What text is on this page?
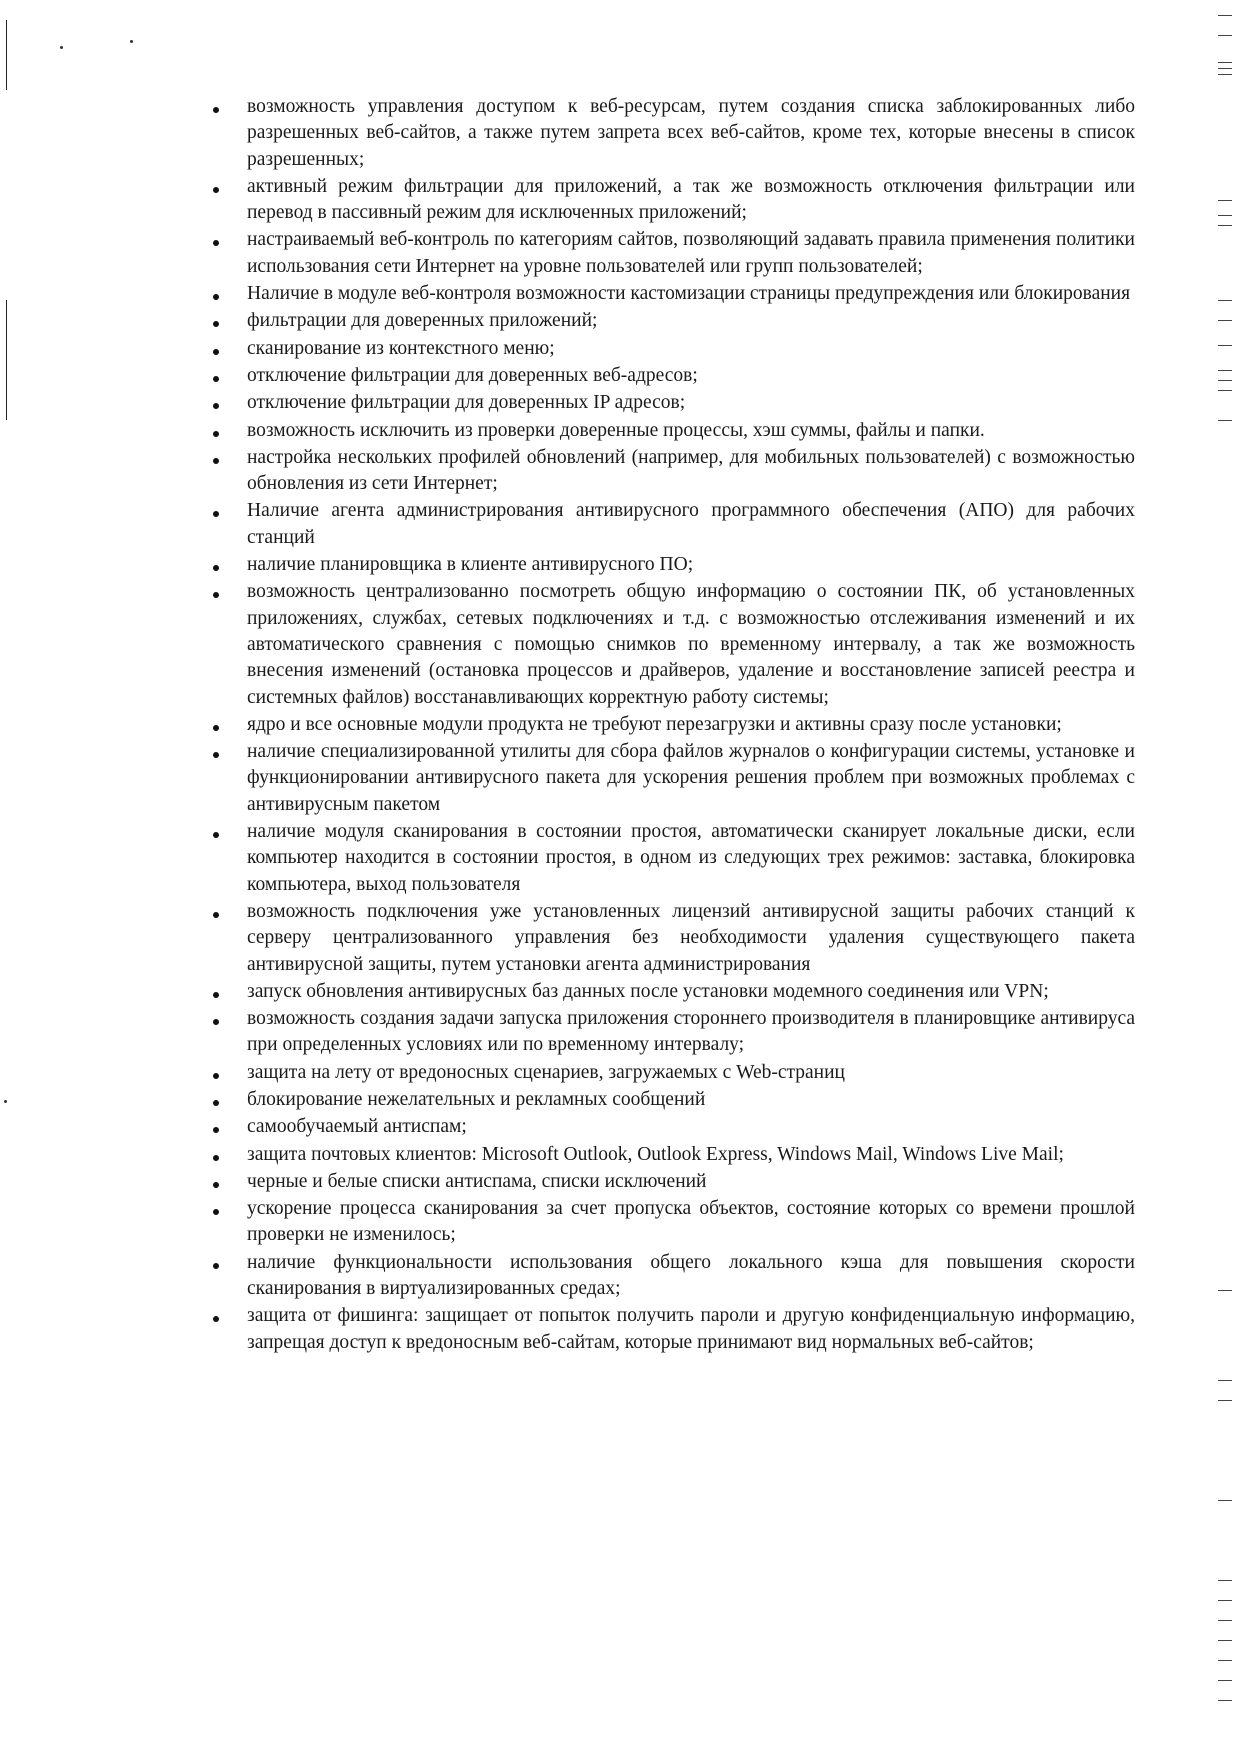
возможность управления доступом к веб-ресурсам, путем создания списка заблокированных либо разрешенных веб-сайтов, а также путем запрета всех веб-сайтов, кроме тех, которые внесены в список разрешенных;
активный режим фильтрации для приложений, а так же возможность отключения фильтрации или перевод в пассивный режим для исключенных приложений;
настраиваемый веб-контроль по категориям сайтов, позволяющий задавать правила применения политики использования сети Интернет на уровне пользователей или групп пользователей;
Наличие в модуле веб-контроля возможности кастомизации страницы предупреждения или блокирования
фильтрации для доверенных приложений;
сканирование из контекстного меню;
отключение фильтрации для доверенных веб-адресов;
отключение фильтрации для доверенных IP адресов;
возможность исключить из проверки доверенные процессы, хэш суммы, файлы и папки.
настройка нескольких профилей обновлений (например, для мобильных пользователей) с возможностью обновления из сети Интернет;
Наличие агента администрирования антивирусного программного обеспечения (АПО) для рабочих станций
наличие планировщика в клиенте антивирусного ПО;
возможность централизованно посмотреть общую информацию о состоянии ПК, об установленных приложениях, службах, сетевых подключениях и т.д. с возможностью отслеживания изменений и их автоматического сравнения с помощью снимков по временному интервалу, а так же возможность внесения изменений (остановка процессов и драйверов, удаление и восстановление записей реестра и системных файлов) восстанавливающих корректную работу системы;
ядро и все основные модули продукта не требуют перезагрузки и активны сразу после установки;
наличие специализированной утилиты для сбора файлов журналов о конфигурации системы, установке и функционировании антивирусного пакета для ускорения решения проблем при возможных проблемах с антивирусным пакетом
наличие модуля сканирования в состоянии простоя, автоматически сканирует локальные диски, если компьютер находится в состоянии простоя, в одном из следующих трех режимов: заставка, блокировка компьютера, выход пользователя
возможность подключения уже установленных лицензий антивирусной защиты рабочих станций к серверу централизованного управления без необходимости удаления существующего пакета антивирусной защиты, путем установки агента администрирования
запуск обновления антивирусных баз данных после установки модемного соединения или VPN;
возможность создания задачи запуска приложения стороннего производителя в планировщике антивируса при определенных условиях или по временному интервалу;
защита на лету от вредоносных сценариев, загружаемых с Web-страниц
блокирование нежелательных и рекламных сообщений
самообучаемый антиспам;
защита почтовых клиентов: Microsoft Outlook, Outlook Express, Windows Mail, Windows Live Mail;
черные и белые списки антиспама, списки исключений
ускорение процесса сканирования за счет пропуска объектов, состояние которых со времени прошлой проверки не изменилось;
наличие функциональности использования общего локального кэша для повышения скорости сканирования в виртуализированных средах;
защита от фишинга: защищает от попыток получить пароли и другую конфиденциальную информацию, запрещая доступ к вредоносным веб-сайтам, которые принимают вид нормальных веб-сайтов;
